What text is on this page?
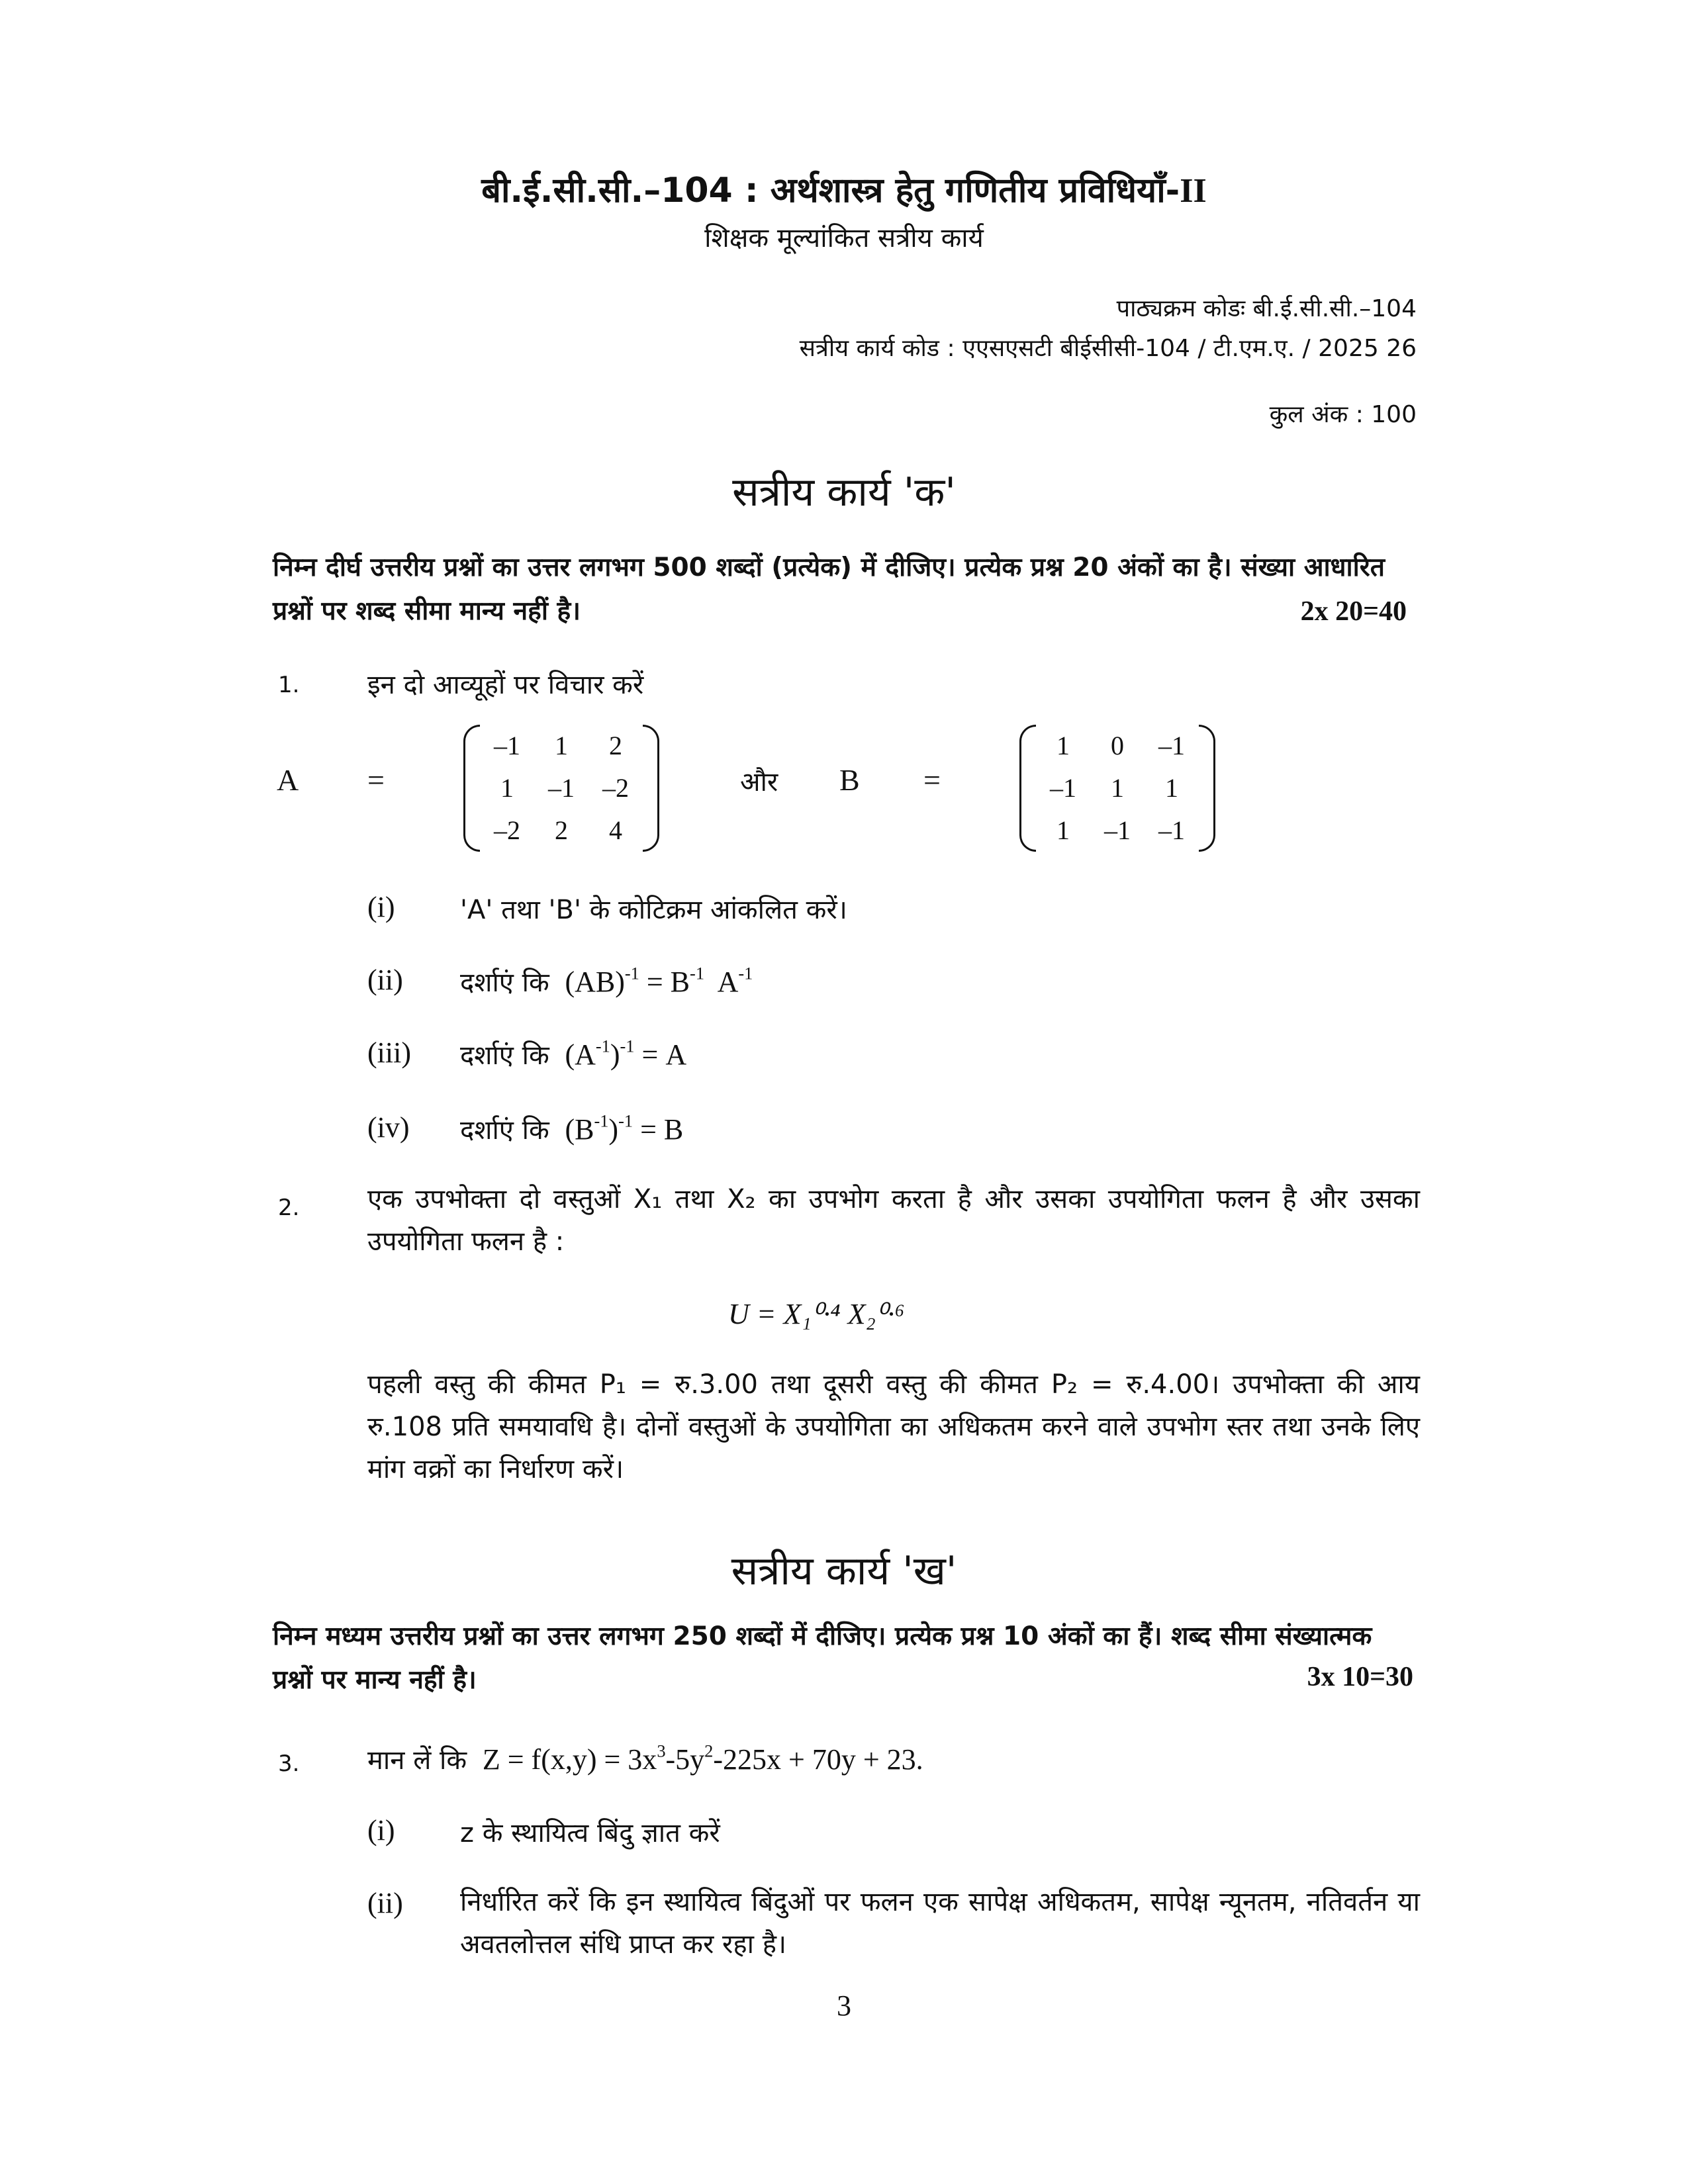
बी.ई.सी.सी.–104 : अर्थशास्त्र हेतु गणितीय प्रविधियाँ-II
शिक्षक मूल्यांकित सत्रीय कार्य
पाठ्यक्रम कोडः बी.ई.सी.सी.–104
सत्रीय कार्य कोड : एएसएसटी बीईसीसी-104 / टी.एम.ए. / 2025 26
कुल अंक : 100
सत्रीय कार्य 'क'
निम्न दीर्घ उत्तरीय प्रश्नों का उत्तर लगभग 500 शब्दों (प्रत्येक) में दीजिए। प्रत्येक प्रश्न 20 अंकों का है। संख्या आधारित प्रश्नों पर शब्द सीमा मान्य नहीं है।	2x 20=40
1.	इन दो आव्यूहों पर विचार करें
A =
–1	1	2
1	–1	–2
–2	2	4
और B =
1	0	–1
–1	1	1
1	–1	–1
(i) 'A' तथा 'B' के कोटिक्रम आंकलित करें।
(ii) दर्शाएं कि  $(AB)^{-1} = B^{-1}$  $A^{-1}$
(iii) दर्शाएं कि  $(A^{-1})^{-1} = A$
(iv) दर्शाएं कि  $(B^{-1})^{-1} = B$
2.	एक उपभोक्ता दो वस्तुओं X₁ तथा X₂ का उपभोग करता है और उसका उपयोगिता फलन है और उसका उपयोगिता फलन है :
U = X₁⁰·⁴ X₂⁰·⁶
पहली वस्तु की कीमत P₁ = रु.3.00 तथा दूसरी वस्तु की कीमत P₂ = रु.4.00। उपभोक्ता की आय रु.108 प्रति समयावधि है। दोनों वस्तुओं के उपयोगिता का अधिकतम करने वाले उपभोग स्तर तथा उनके लिए मांग वक्रों का निर्धारण करें।
सत्रीय कार्य 'ख'
निम्न मध्यम उत्तरीय प्रश्नों का उत्तर लगभग 250 शब्दों में दीजिए। प्रत्येक प्रश्न 10 अंकों का हैं। शब्द सीमा संख्यात्मक प्रश्नों पर मान्य नहीं है।	3x 10=30
3.	मान लें कि  $Z = f(x,y) = 3x^3-5y^2-225x + 70y + 23$.
(i) z के स्थायित्व बिंदु ज्ञात करें
(ii) निर्धारित करें कि इन स्थायित्व बिंदुओं पर फलन एक सापेक्ष अधिकतम, सापेक्ष न्यूनतम, नतिवर्तन या अवतलोत्तल संधि प्राप्त कर रहा है।
3
